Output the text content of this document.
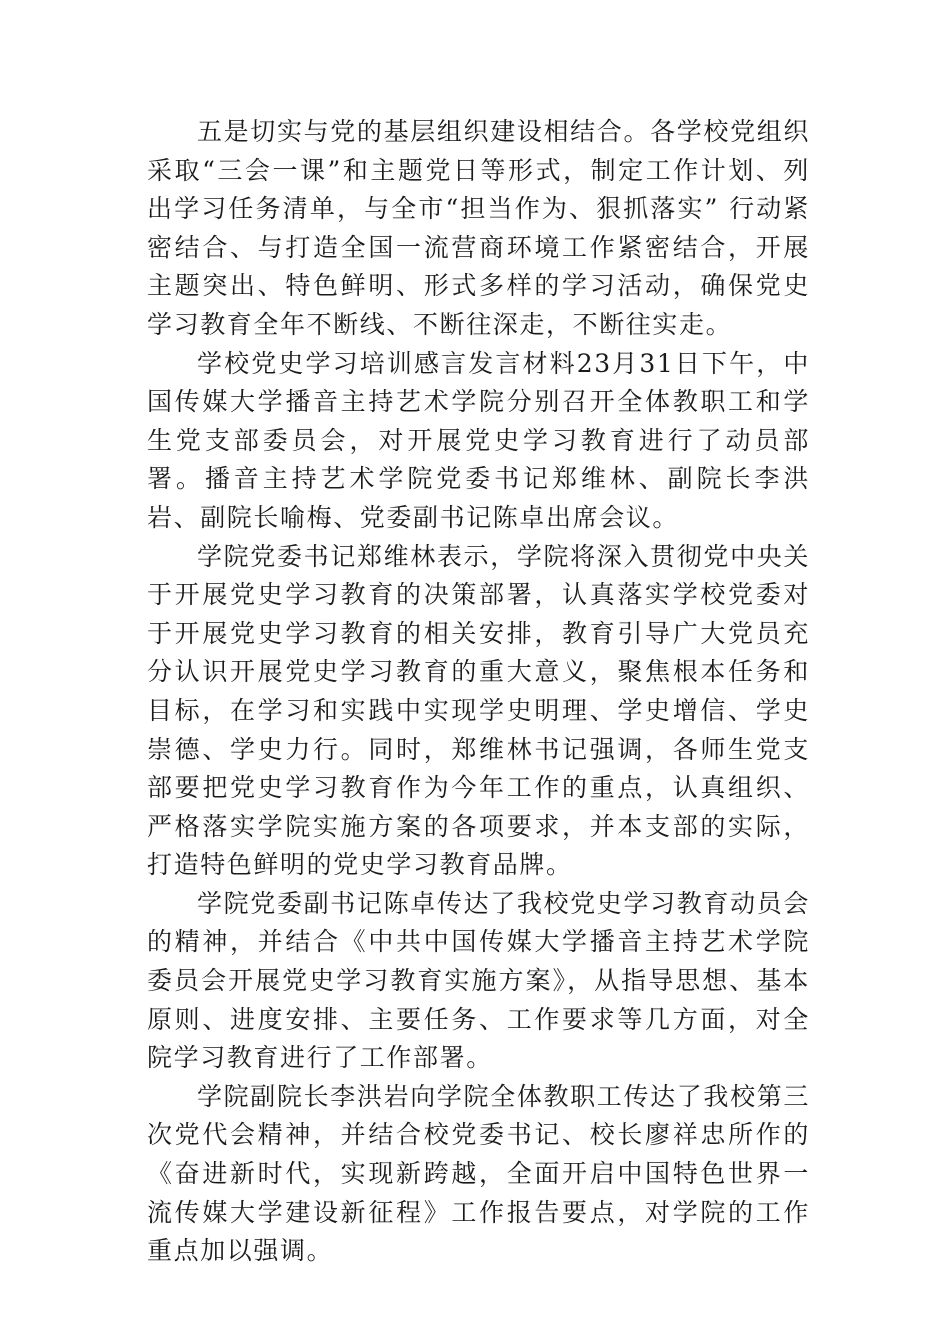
五是切实与党的基层组织建设相结合。各学校党组织采取“三会一课”和主题党日等形式，制定工作计划、列出学习任务清单，与全市“担当作为、狠抓落实” 行动紧密结合、与打造全国一流营商环境工作紧密结合，开展主题突出、特色鲜明、形式多样的学习活动，确保党史学习教育全年不断线、不断往深走，不断往实走。

学校党史学习培训感言发言材料23月31日下午，中国传媒大学播音主持艺术学院分别召开全体教职工和学生党支部委员会，对开展党史学习教育进行了动员部署。播音主持艺术学院党委书记郑维林、副院长李洪岩、副院长喻梅、党委副书记陈卓出席会议。

学院党委书记郑维林表示，学院将深入贯彻党中央关于开展党史学习教育的决策部署，认真落实学校党委对于开展党史学习教育的相关安排，教育引导广大党员充分认识开展党史学习教育的重大意义，聚焦根本任务和目标，在学习和实践中实现学史明理、学史增信、学史崇德、学史力行。同时，郑维林书记强调，各师生党支部要把党史学习教育作为今年工作的重点，认真组织、严格落实学院实施方案的各项要求，并本支部的实际，打造特色鲜明的党史学习教育品牌。

学院党委副书记陈卓传达了我校党史学习教育动员会的精神，并结合《中共中国传媒大学播音主持艺术学院委员会开展党史学习教育实施方案》，从指导思想、基本原则、进度安排、主要任务、工作要求等几方面，对全院学习教育进行了工作部署。

学院副院长李洪岩向学院全体教职工传达了我校第三次党代会精神，并结合校党委书记、校长廖祥忠所作的《奋进新时代，实现新跨越，全面开启中国特色世界一流传媒大学建设新征程》工作报告要点，对学院的工作重点加以强调。
